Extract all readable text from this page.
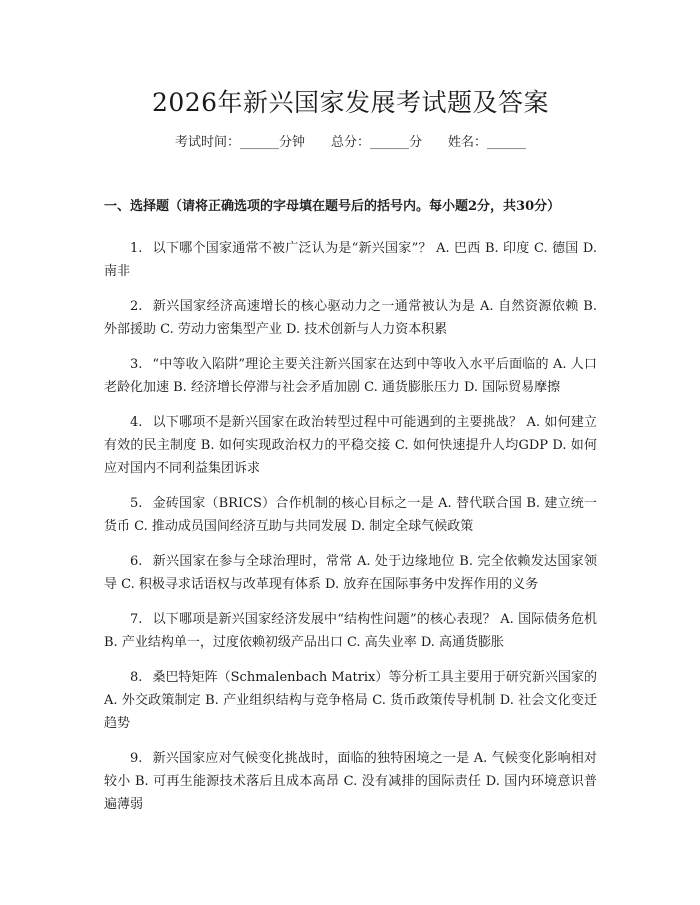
2026年新兴国家发展考试题及答案
考试时间：______分钟 总分：______分 姓名：______
一、选择题（请将正确选项的字母填在题号后的括号内。每小题2分，共30分）

1. 以下哪个国家通常不被广泛认为是“新兴国家”？ A. 巴西 B. 印度 C. 德国 D. 南非

2. 新兴国家经济高速增长的核心驱动力之一通常被认为是 A. 自然资源依赖 B. 外部援助 C. 劳动力密集型产业 D. 技术创新与人力资本积累

3. “中等收入陷阱”理论主要关注新兴国家在达到中等收入水平后面临的 A. 人口老龄化加速 B. 经济增长停滞与社会矛盾加剧 C. 通货膨胀压力 D. 国际贸易摩擦

4. 以下哪项不是新兴国家在政治转型过程中可能遇到的主要挑战？ A. 如何建立有效的民主制度 B. 如何实现政治权力的平稳交接 C. 如何快速提升人均GDP D. 如何应对国内不同利益集团诉求

5. 金砖国家（BRICS）合作机制的核心目标之一是 A. 替代联合国 B. 建立统一货币 C. 推动成员国间经济互助与共同发展 D. 制定全球气候政策

6. 新兴国家在参与全球治理时，常常 A. 处于边缘地位 B. 完全依赖发达国家领导 C. 积极寻求话语权与改革现有体系 D. 放弃在国际事务中发挥作用的义务

7. 以下哪项是新兴国家经济发展中“结构性问题”的核心表现？ A. 国际债务危机 B. 产业结构单一，过度依赖初级产品出口 C. 高失业率 D. 高通货膨胀

8. 桑巴特矩阵（Schmalenbach Matrix）等分析工具主要用于研究新兴国家的 A. 外交政策制定 B. 产业组织结构与竞争格局 C. 货币政策传导机制 D. 社会文化变迁趋势

9. 新兴国家应对气候变化挑战时，面临的独特困境之一是 A. 气候变化影响相对较小 B. 可再生能源技术落后且成本高昂 C. 没有减排的国际责任 D. 国内环境意识普遍薄弱
